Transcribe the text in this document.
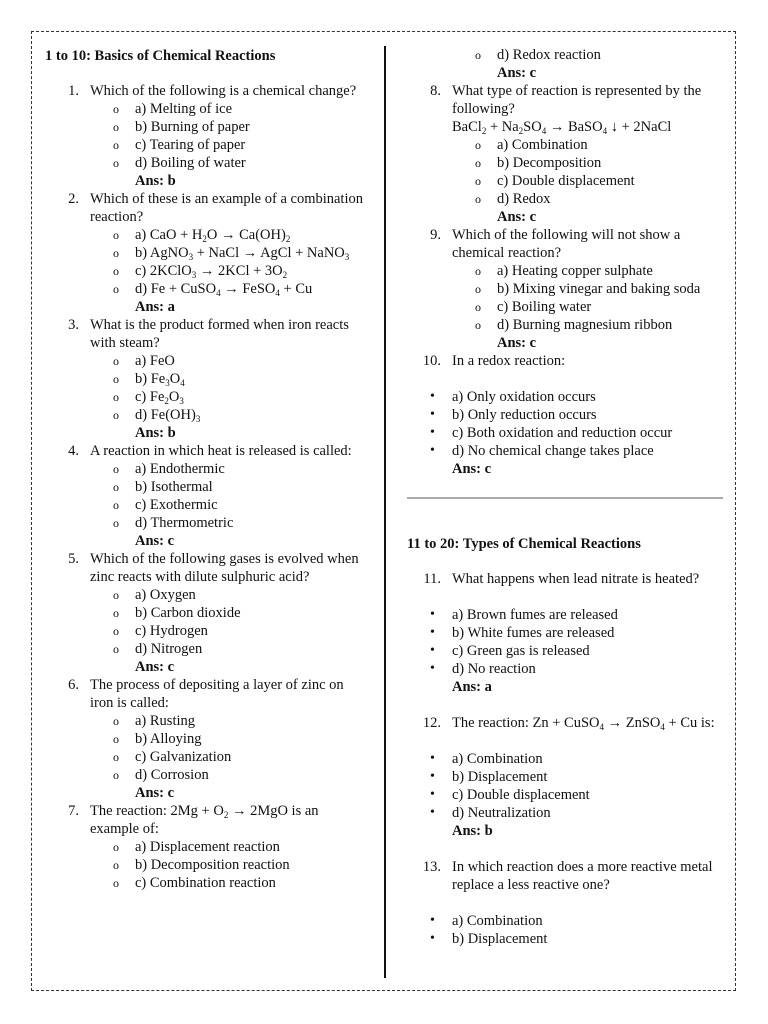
1 to 10: Basics of Chemical Reactions
1. Which of the following is a chemical change?
o a) Melting of ice
o b) Burning of paper
o c) Tearing of paper
o d) Boiling of water
Ans: b
2. Which of these is an example of a combination reaction?
o a) CaO + $H_2O \to Ca(OH)_2$
o b) AgNO$_3$ + NaCl → AgCl + NaNO$_3$
o c) 2KClO$_3$ → $2KCl + 3O_2$
o d) Fe + CuSO$_4$ → FeSO$_4$ + Cu
Ans: a
3. What is the product formed when iron reacts with steam?
o a) FeO
o b) $Fe_3O_4$
o c) $Fe_2O_3$
o d) $Fe(OH)_3$
Ans: b
4. A reaction in which heat is released is called:
o a) Endothermic
o b) Isothermal
o c) Exothermic
o d) Thermometric
Ans: c
5. Which of the following gases is evolved when zinc reacts with dilute sulphuric acid?
o a) Oxygen
o b) Carbon dioxide
o c) Hydrogen
o d) Nitrogen
Ans: c
6. The process of depositing a layer of zinc on iron is called:
o a) Rusting
o b) Alloying
o c) Galvanization
o d) Corrosion
Ans: c
7. The reaction: $2Mg + O_2 \to 2MgO$ is an example of:
o a) Displacement reaction
o b) Decomposition reaction
o c) Combination reaction
o d) Redox reaction
Ans: c
8. What type of reaction is represented by the following?
BaCl$_2$ + $Na_2SO_4$ → BaSO$_4$ ↓ + 2NaCl
o a) Combination
o b) Decomposition
o c) Double displacement
o d) Redox
Ans: c
9. Which of the following will not show a chemical reaction?
o a) Heating copper sulphate
o b) Mixing vinegar and baking soda
o c) Boiling water
o d) Burning magnesium ribbon
Ans: c
10. In a redox reaction:
• a) Only oxidation occurs
• b) Only reduction occurs
• c) Both oxidation and reduction occur
• d) No chemical change takes place
Ans: c
11 to 20: Types of Chemical Reactions
11. What happens when lead nitrate is heated?
• a) Brown fumes are released
• b) White fumes are released
• c) Green gas is released
• d) No reaction
Ans: a
12. The reaction: Zn + CuSO$_4$ → ZnSO$_4$ + Cu is:
• a) Combination
• b) Displacement
• c) Double displacement
• d) Neutralization
Ans: b
13. In which reaction does a more reactive metal replace a less reactive one?
• a) Combination
• b) Displacement
